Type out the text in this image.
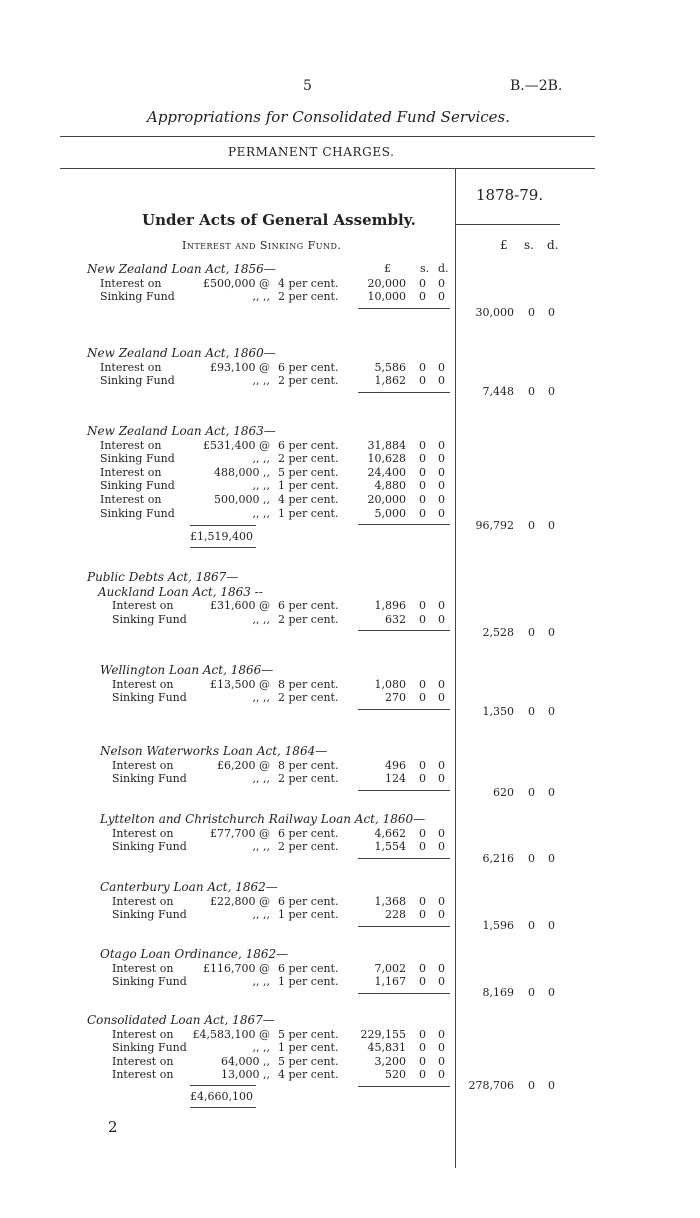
5	B.—2B.
Appropriations for Consolidated Fund Services.
PERMANENT CHARGES.
1878-79.
Under Acts of General Assembly.
Interest and Sinking Fund.	£ s. d.
£	s. d.
New Zealand Loan Act, 1856—
Interest on	£500,000 @ 4 per cent.	20,000 0 0
Sinking Fund	,, ,, 2 per cent.	10,000 0 0
30,000 0 0
New Zealand Loan Act, 1860—
Interest on	£93,100 @ 6 per cent.	5,586 0 0
Sinking Fund	,, ,, 2 per cent.	1,862 0 0
7,448 0 0
New Zealand Loan Act, 1863—
Interest on	£531,400 @ 6 per cent.	31,884 0 0
Sinking Fund	,, ,, 2 per cent.	10,628 0 0
Interest on	488,000 ,, 5 per cent.	24,400 0 0
Sinking Fund	,, ,, 1 per cent.	4,880 0 0
Interest on	500,000 ,, 4 per cent.	20,000 0 0
Sinking Fund	,, ,, 1 per cent.	5,000 0 0
£1,519,400
96,792 0 0
Public Debts Act, 1867—
Auckland Loan Act, 1863 --
Interest on	£31,600 @ 6 per cent.	1,896 0 0
Sinking Fund	,, ,, 2 per cent.	632 0 0
2,528 0 0
Wellington Loan Act, 1866—
Interest on	£13,500 @ 8 per cent.	1,080 0 0
Sinking Fund	,, ,, 2 per cent.	270 0 0
1,350 0 0
Nelson Waterworks Loan Act, 1864—
Interest on	£6,200 @ 8 per cent.	496 0 0
Sinking Fund	,, ,, 2 per cent.	124 0 0
620 0 0
Lyttelton and Christchurch Railway Loan Act, 1860—
Interest on	£77,700 @ 6 per cent.	4,662 0 0
Sinking Fund	,, ,, 2 per cent.	1,554 0 0
6,216 0 0
Canterbury Loan Act, 1862—
Interest on	£22,800 @ 6 per cent.	1,368 0 0
Sinking Fund	,, ,, 1 per cent.	228 0 0
1,596 0 0
Otago Loan Ordinance, 1862—
Interest on	£116,700 @ 6 per cent.	7,002 0 0
Sinking Fund	,, ,, 1 per cent.	1,167 0 0
8,169 0 0
Consolidated Loan Act, 1867—
Interest on £4,583,100 @ 5 per cent. 229,155 0 0
Sinking Fund	,, ,, 1 per cent.	45,831 0 0
Interest on	64,000 ,, 5 per cent.	3,200 0 0
Interest on	13,000 ,, 4 per cent.	520 0 0
£4,660,100
278,706 0 0
2
